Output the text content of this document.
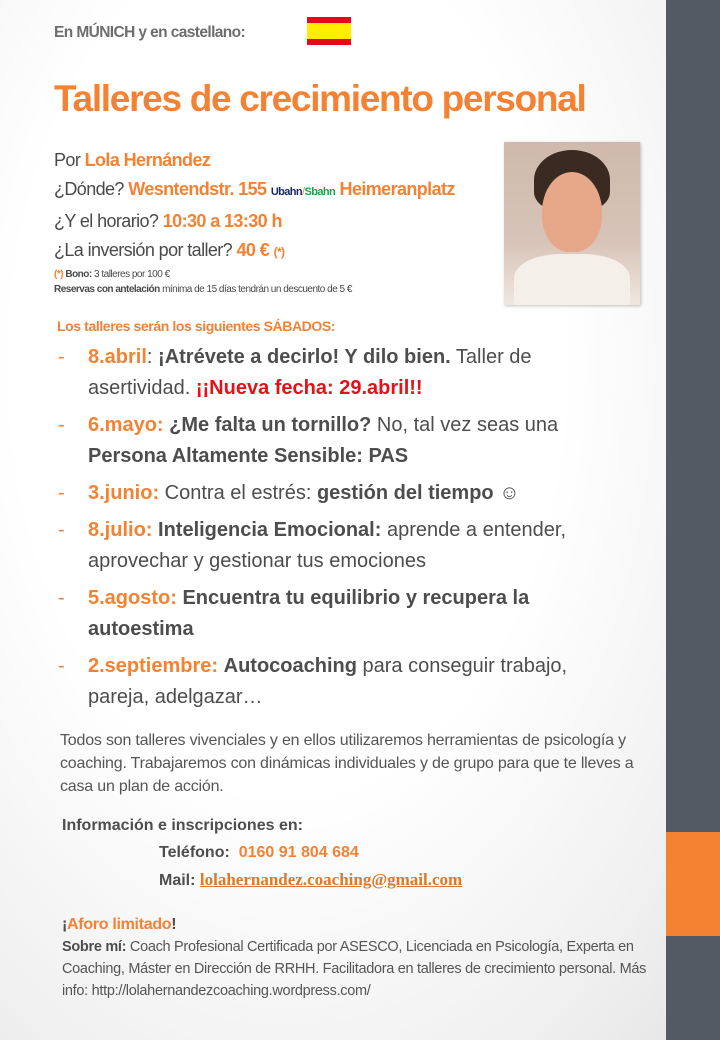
En MÚNICH y en castellano:
Talleres de crecimiento personal
Por Lola Hernández
¿Dónde? Wesntendstr. 155 Ubahn/Sbahn Heimeranplatz
¿Y el horario? 10:30 a 13:30 h
¿La inversión por taller? 40 € (*)
(*) Bono: 3 talleres por 100 €
Reservas con antelación mínima de 15 días tendrán un descuento de 5 €
Los talleres serán los siguientes SÁBADOS:
-	8.abril: ¡Atrévete a decirlo! Y dilo bien. Taller de asertividad. ¡¡Nueva fecha: 29.abril!!
-	6.mayo: ¿Me falta un tornillo? No, tal vez seas una Persona Altamente Sensible: PAS
-	3.junio: Contra el estrés: gestión del tiempo ☺
-	8.julio: Inteligencia Emocional: aprende a entender, aprovechar y gestionar tus emociones
-	5.agosto: Encuentra tu equilibrio y recupera la autoestima
-	2.septiembre: Autocoaching para conseguir trabajo, pareja, adelgazar…
Todos son talleres vivenciales y en ellos utilizaremos herramientas de psicología y coaching. Trabajaremos con dinámicas individuales y de grupo para que te lleves a casa un plan de acción.
Información e inscripciones en:
Teléfono: 0160 91 804 684
Mail: lolahernandez.coaching@gmail.com
¡Aforo limitado!
Sobre mí: Coach Profesional Certificada por ASESCO, Licenciada en Psicología, Experta en Coaching, Máster en Dirección de RRHH. Facilitadora en talleres de crecimiento personal. Más info: http://lolahernandezcoaching.wordpress.com/
